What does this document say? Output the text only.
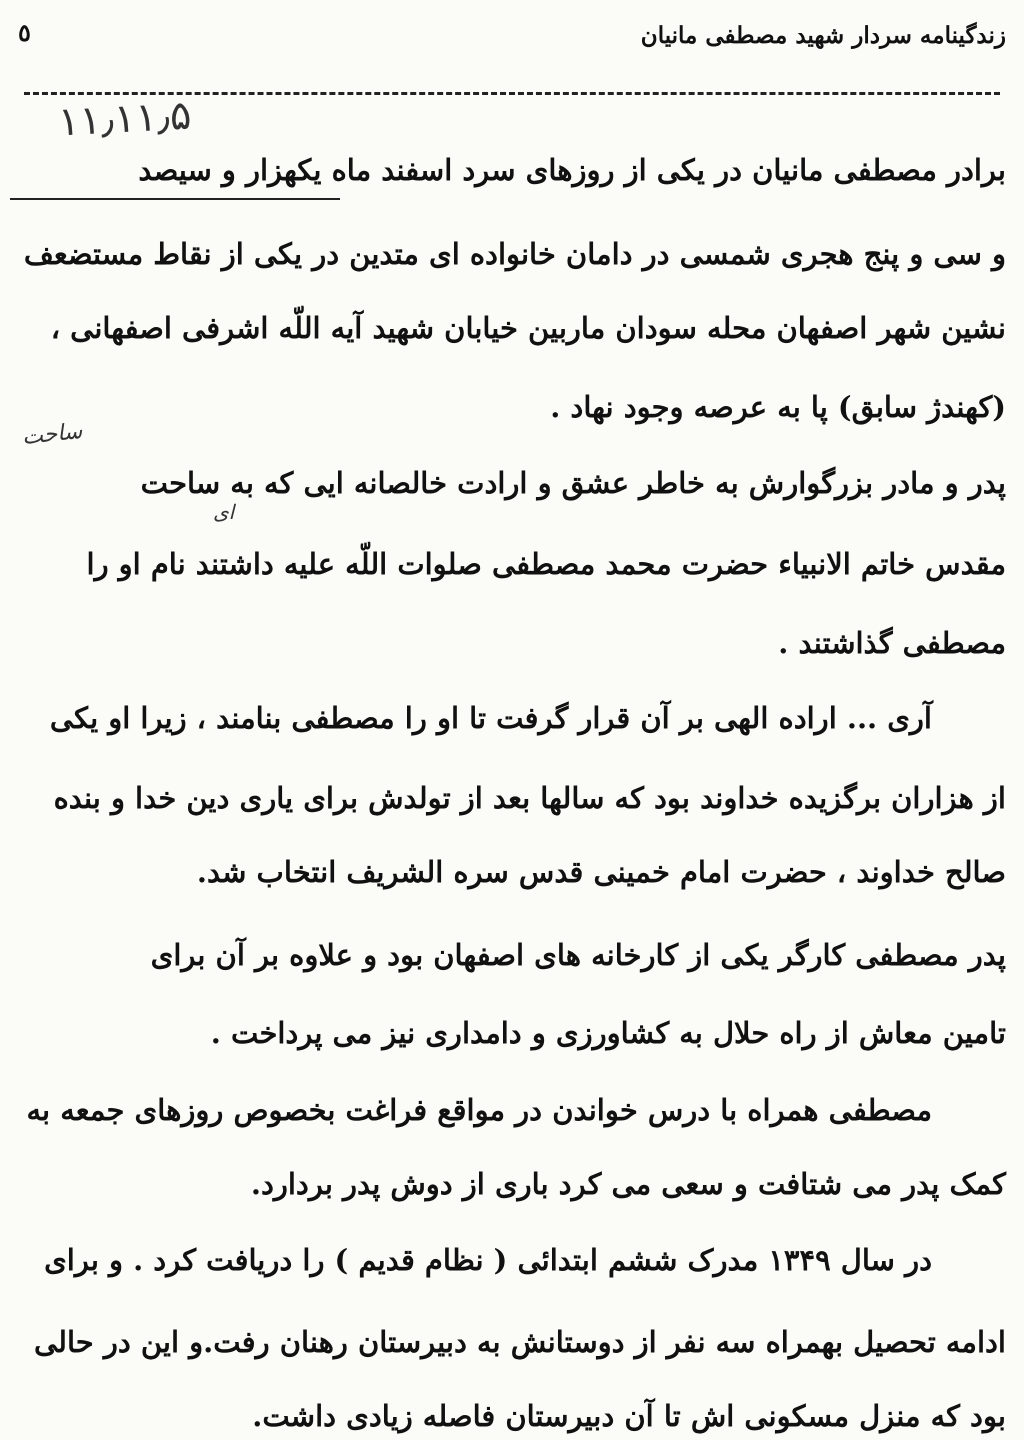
زندگینامه سردار شهید مصطفی مانیان
٥
۱۱٫۱۱٫۵
ساحت
ای
برادر مصطفی مانیان در یکی از روزهای سرد اسفند ماه یکهزار و سیصد
و سی و پنج هجری شمسی در دامان خانواده ای متدین در یکی از نقاط مستضعف
نشین شهر اصفهان محله سودان ماربین خیابان شهید آیه اللّه اشرفی اصفهانی ،
(کهندژ سابق) پا به عرصه وجود نهاد .
پدر و مادر بزرگوارش به خاطر عشق و ارادت خالصانه ایی که به ساحت
مقدس خاتم الانبیاء حضرت محمد مصطفی صلوات اللّه علیه داشتند نام او را
مصطفی گذاشتند .
آری ... اراده الهی بر آن قرار گرفت تا او را مصطفی بنامند ، زیرا او یکی
از هزاران برگزیده خداوند بود که سالها بعد از تولدش برای یاری دین خدا و بنده
صالح خداوند ، حضرت امام خمینی قدس سره الشریف انتخاب شد.
پدر مصطفی کارگر یکی از کارخانه های اصفهان بود و علاوه بر آن برای
تامین معاش از راه حلال به کشاورزی و دامداری نیز می پرداخت .
مصطفی همراه با درس خواندن در مواقع فراغت بخصوص روزهای جمعه به
کمک پدر می شتافت و سعی می کرد باری از دوش پدر بردارد.
در سال ۱۳۴۹ مدرک ششم ابتدائی ( نظام قدیم ) را دریافت کرد . و برای
ادامه تحصیل بهمراه سه نفر از دوستانش به دبیرستان رهنان رفت.و این در حالی
بود که منزل مسکونی اش تا آن دبیرستان فاصله زیادی داشت.
